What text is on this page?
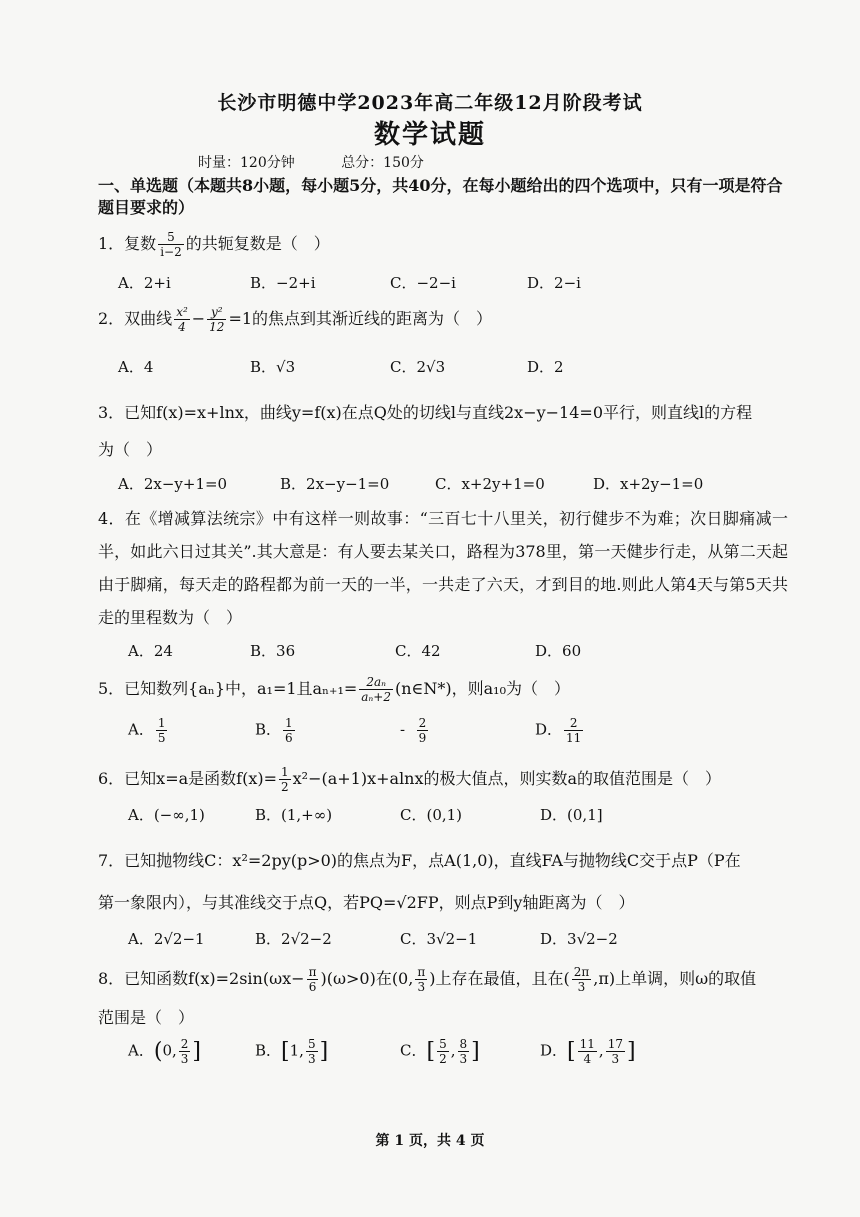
长沙市明德中学2023年高二年级12月阶段考试
数学试题
时量：120分钟	总分：150分
一、单选题（本题共8小题，每小题5分，共40分，在每小题给出的四个选项中，只有一项是符合题目要求的）
1．复数 $\frac{5}{i-2}$ 的共轭复数是（　）
A．2+i	B．−2+i	C．−2−i	D．2−i
2．双曲线 $\frac{\text{x²}}{4} - \frac{\text{y²}}{12} =1$的焦点到其渐近线的距离为（　）
A．4	B．√3	C．2√3	D．2
3．已知f(x)=x+lnx，曲线y=f(x)在点Q处的切线l与直线2x−y−14=0平行，则直线l的方程
为（　）
A．2x−y+1=0	B．2x−y−1=0	C．x+2y+1=0	D．x+2y−1=0
4．在《增减算法统宗》中有这样一则故事：“三百七十八里关，初行健步不为难；次日脚痛减一半，如此六日过其关”.其大意是：有人要去某关口，路程为378里，第一天健步行走，从第二天起由于脚痛，每天走的路程都为前一天的一半，一共走了六天，才到目的地.则此人第4天与第5天共走的里程数为（　）
A．24	B．36	C．42	D．60
5．已知数列{aₙ}中，a₁=1且$a_{n+1}= \frac{\text{2aₙ}}{\text{aₙ+2}}$ (n∈N*)，则a₁₀为（　）
A． $\frac{1}{5}$	B． $\frac{1}{6}$	- $\frac{2}{9}$	D． $\frac{2}{11}$
6．已知x=a是函数$f(x)= \frac{1}{2} x^2-(a+1)x+alnx$的极大值点，则实数a的取值范围是（　）
A．(−∞,1)	B．(1,+∞)	C．(0,1)	D．(0,1]
7．已知抛物线C：x²=2py(p>0)的焦点为F，点A(1,0)，直线FA与抛物线C交于点P（P在
第一象限内），与其准线交于点Q，若PQ=√2FP，则点P到y轴距离为（　）
A．2√2−1	B．2√2−2	C．3√2−1	D．3√2−2
8．已知函数$f(x)=2\sin(\omega x- \frac{\pi}{6} )(\omega>0)$在(0, $\frac{\pi}{3}$ )上存在最值，且在( $\frac{2\pi}{3} ,\pi$)上单调，则ω的取值
范围是（　）
A．(0, $\frac{2}{3}$ ]	B．[1, $\frac{5}{3}$ ]	C．[ $\frac{5}{2}$ , $\frac{8}{3}$ ]	D．[ $\frac{11}{4}$ , $\frac{17}{3}$ ]
第 1 页，共 4 页
